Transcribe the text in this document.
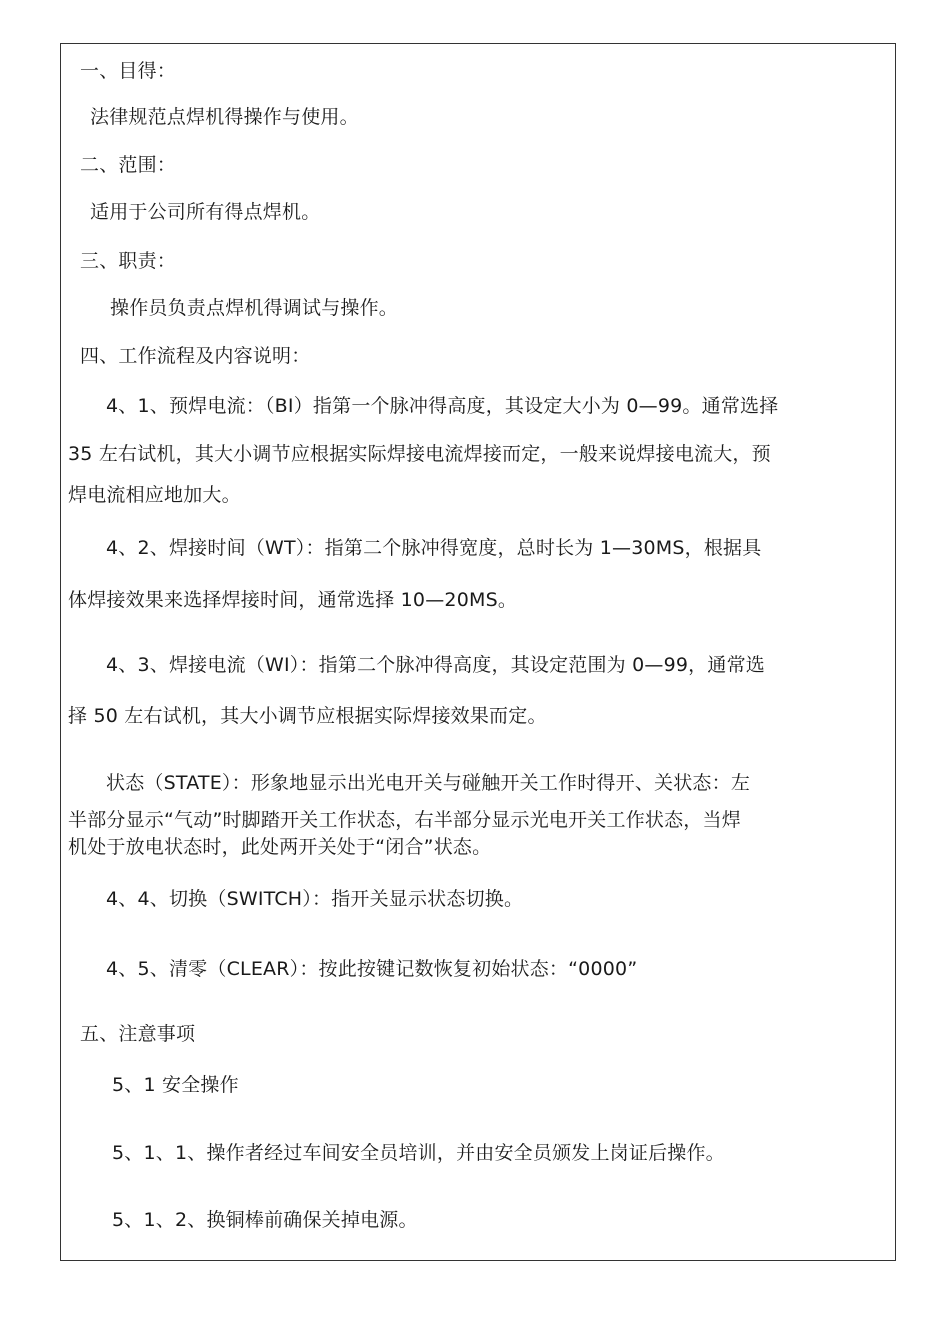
一、目得：
法律规范点焊机得操作与使用。
二、范围：
适用于公司所有得点焊机。
三、职责：
操作员负责点焊机得调试与操作。
四、工作流程及内容说明：
4、1、预焊电流：（BI）指第一个脉冲得高度，其设定大小为 0—99。通常选择
35 左右试机，其大小调节应根据实际焊接电流焊接而定，一般来说焊接电流大，预
焊电流相应地加大。
4、2、焊接时间（WT）：指第二个脉冲得宽度，总时长为 1—30MS，根据具
体焊接效果来选择焊接时间，通常选择 10—20MS。
4、3、焊接电流（WI）：指第二个脉冲得高度，其设定范围为 0—99，通常选
择 50 左右试机，其大小调节应根据实际焊接效果而定。
状态（STATE）：形象地显示出光电开关与碰触开关工作时得开、关状态：左
半部分显示“气动”时脚踏开关工作状态，右半部分显示光电开关工作状态，当焊
机处于放电状态时，此处两开关处于“闭合”状态。
4、4、切换（SWITCH）：指开关显示状态切换。
4、5、清零（CLEAR）：按此按键记数恢复初始状态：“0000”
五、注意事项
5、1 安全操作
5、1、1、操作者经过车间安全员培训，并由安全员颁发上岗证后操作。
5、1、2、换铜棒前确保关掉电源。
